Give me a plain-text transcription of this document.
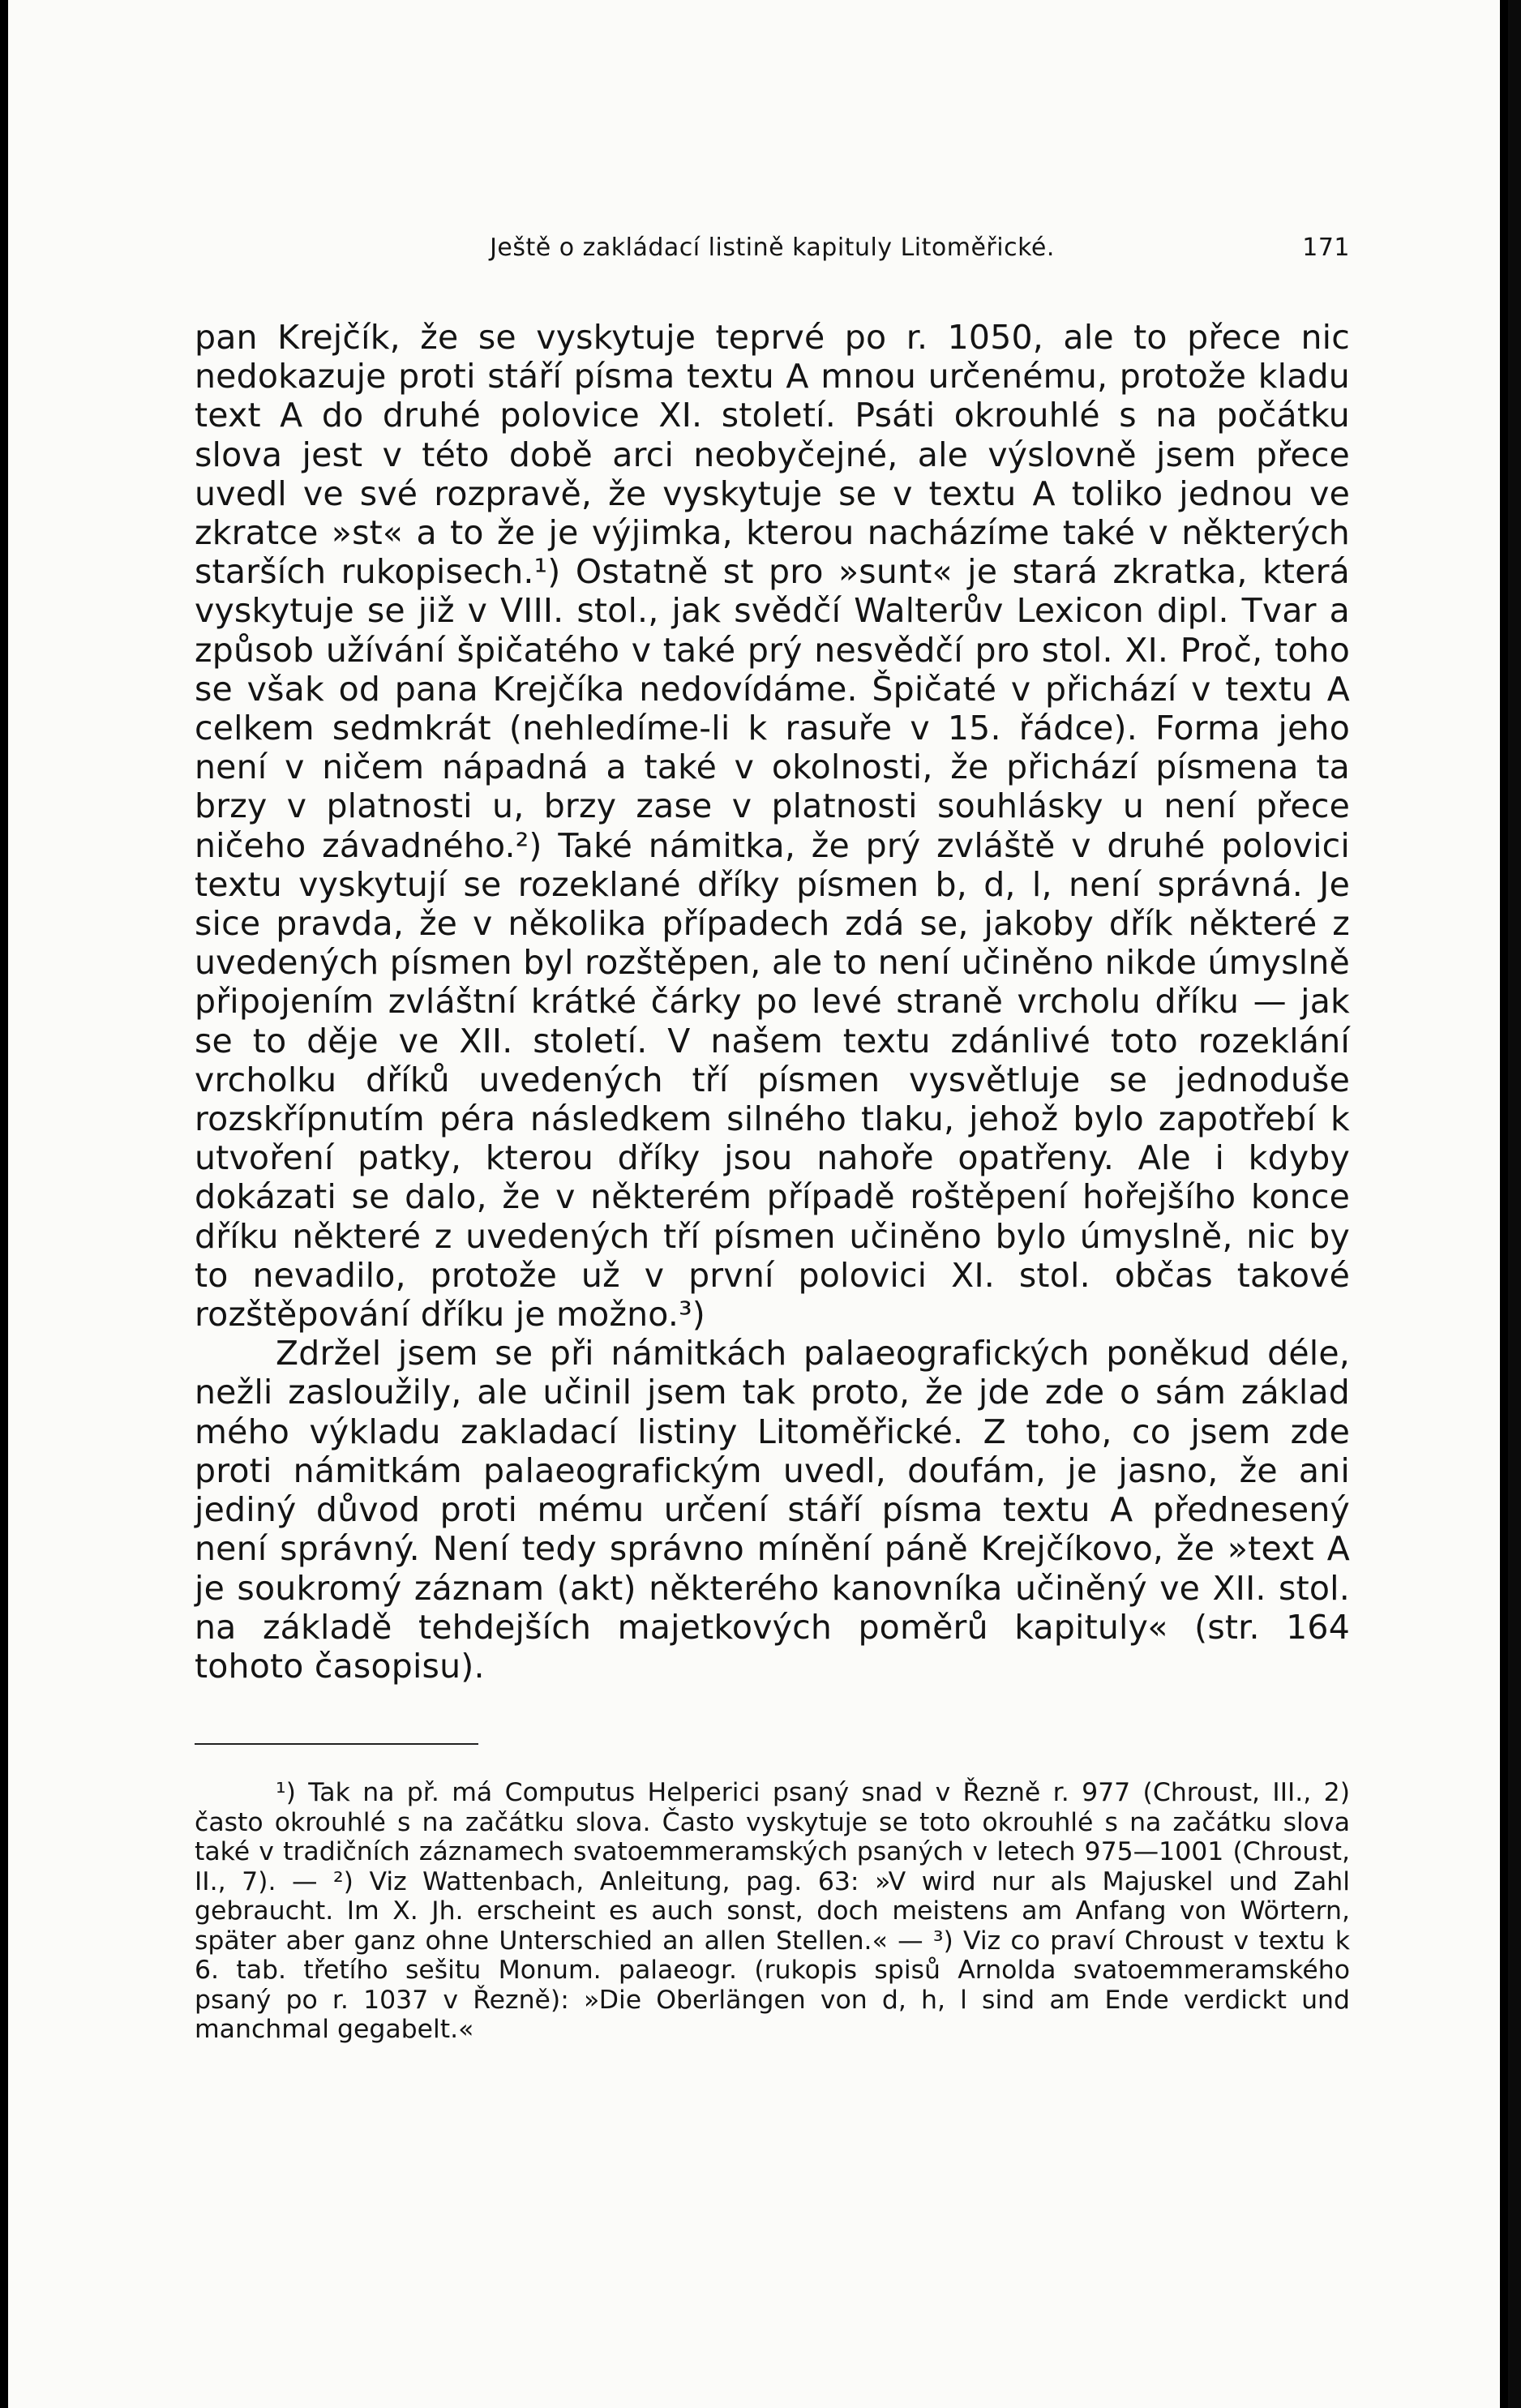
Ještě o zakládací listině kapituly Litoměřické.	171

pan Krejčík, že se vyskytuje teprvé po r. 1050, ale to přece nic nedokazuje proti stáří písma textu A mnou určenému, protože kladu text A do druhé polovice XI. století. Psáti okrouhlé s na počátku slova jest v této době arci neobyčejné, ale výslovně jsem přece uvedl ve své rozpravě, že vyskytuje se v textu A toliko jednou ve zkratce »st« a to že je výjimka, kterou nacházíme také v některých starších rukopisech.¹) Ostatně st pro »sunt« je stará zkratka, která vyskytuje se již v VIII. stol., jak svědčí Walterův Lexicon dipl. Tvar a způsob užívání špičatého v také prý nesvědčí pro stol. XI. Proč, toho se však od pana Krejčíka nedovídáme. Špičaté v přichází v textu A celkem sedmkrát (nehledíme-li k rasuře v 15. řádce). Forma jeho není v ničem nápadná a také v okolnosti, že přichází písmena ta brzy v platnosti u, brzy zase v platnosti souhlásky u není přece ničeho závadného.²) Také námitka, že prý zvláště v druhé polovici textu vyskytují se rozeklané dříky písmen b, d, l, není správná. Je sice pravda, že v několika případech zdá se, jakoby dřík některé z uvedených písmen byl rozštěpen, ale to není učiněno nikde úmyslně připojením zvláštní krátké čárky po levé straně vrcholu dříku — jak se to děje ve XII. století. V našem textu zdánlivé toto rozeklání vrcholku dříků uvedených tří písmen vysvětluje se jednoduše rozskřípnutím péra následkem silného tlaku, jehož bylo zapotřebí k utvoření patky, kterou dříky jsou nahoře opatřeny. Ale i kdyby dokázati se dalo, že v některém případě roštěpení hořejšího konce dříku některé z uvedených tří písmen učiněno bylo úmyslně, nic by to nevadilo, protože už v první polovici XI. stol. občas takové rozštěpování dříku je možno.³)

Zdržel jsem se při námitkách palaeografických poněkud déle, nežli zasloužily, ale učinil jsem tak proto, že jde zde o sám základ mého výkladu zakladací listiny Litoměřické. Z toho, co jsem zde proti námitkám palaeografickým uvedl, doufám, je jasno, že ani jediný důvod proti mému určení stáří písma textu A přednesený není správný. Není tedy správno mínění páně Krejčíkovo, že »text A je soukromý záznam (akt) některého kanovníka učiněný ve XII. stol. na základě tehdejších majetkových poměrů kapituly« (str. 164 tohoto časopisu).

¹) Tak na př. má Computus Helperici psaný snad v Řezně r. 977 (Chroust, III., 2) často okrouhlé s na začátku slova. Často vyskytuje se toto okrouhlé s na začátku slova také v tradičních záznamech svatoemmeramských psaných v letech 975—1001 (Chroust, II., 7). — ²) Viz Wattenbach, Anleitung, pag. 63: »V wird nur als Majuskel und Zahl gebraucht. Im X. Jh. erscheint es auch sonst, doch meistens am Anfang von Wörtern, später aber ganz ohne Unterschied an allen Stellen.« — ³) Viz co praví Chroust v textu k 6. tab. třetího sešitu Monum. palaeogr. (rukopis spisů Arnolda svatoemmeramského psaný po r. 1037 v Řezně): »Die Oberlängen von d, h, l sind am Ende verdickt und manchmal gegabelt.«
